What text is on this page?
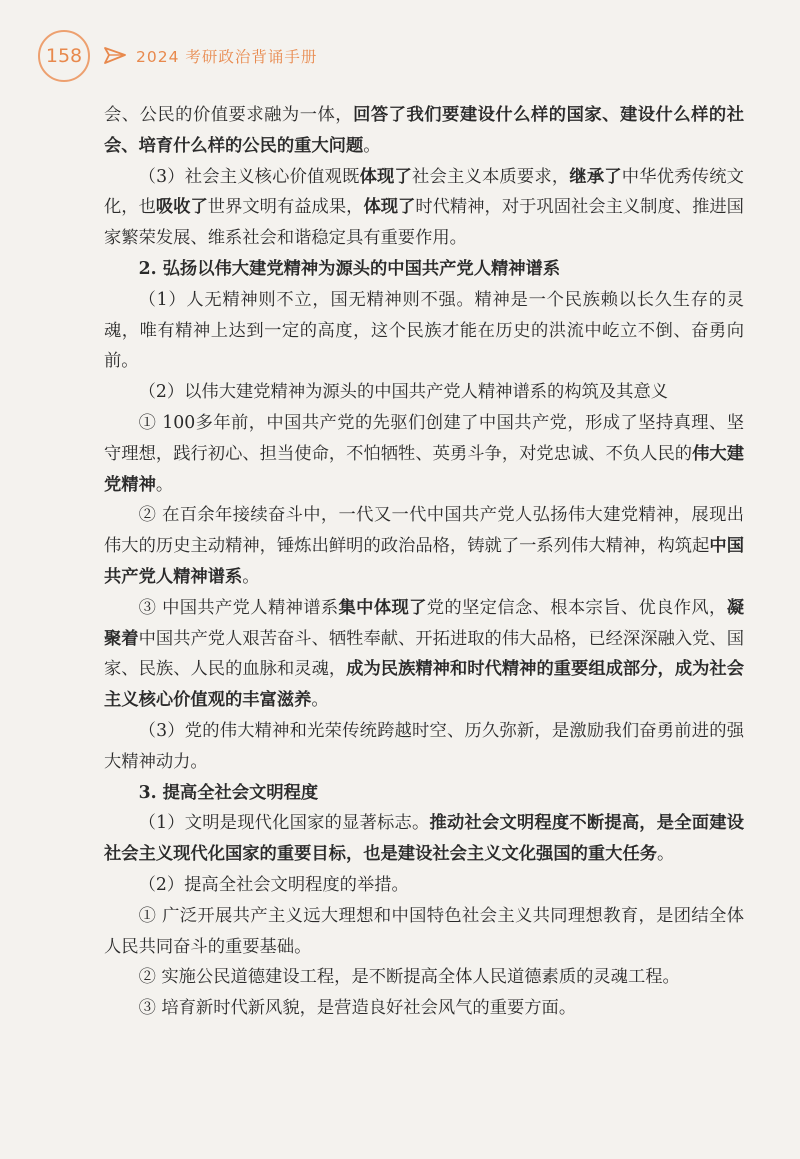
158	2024 考研政治背诵手册

会、公民的价值要求融为一体，回答了我们要建设什么样的国家、建设什么样的社会、培育什么样的公民的重大问题。

（3）社会主义核心价值观既体现了社会主义本质要求，继承了中华优秀传统文化，也吸收了世界文明有益成果，体现了时代精神，对于巩固社会主义制度、推进国家繁荣发展、维系社会和谐稳定具有重要作用。

2. 弘扬以伟大建党精神为源头的中国共产党人精神谱系

（1）人无精神则不立，国无精神则不强。精神是一个民族赖以长久生存的灵魂，唯有精神上达到一定的高度，这个民族才能在历史的洪流中屹立不倒、奋勇向前。

（2）以伟大建党精神为源头的中国共产党人精神谱系的构筑及其意义

① 100多年前，中国共产党的先驱们创建了中国共产党，形成了坚持真理、坚守理想，践行初心、担当使命，不怕牺牲、英勇斗争，对党忠诚、不负人民的伟大建党精神。

② 在百余年接续奋斗中，一代又一代中国共产党人弘扬伟大建党精神，展现出伟大的历史主动精神，锤炼出鲜明的政治品格，铸就了一系列伟大精神，构筑起中国共产党人精神谱系。

③ 中国共产党人精神谱系集中体现了党的坚定信念、根本宗旨、优良作风，凝聚着中国共产党人艰苦奋斗、牺牲奉献、开拓进取的伟大品格，已经深深融入党、国家、民族、人民的血脉和灵魂，成为民族精神和时代精神的重要组成部分，成为社会主义核心价值观的丰富滋养。

（3）党的伟大精神和光荣传统跨越时空、历久弥新，是激励我们奋勇前进的强大精神动力。

3. 提高全社会文明程度

（1）文明是现代化国家的显著标志。推动社会文明程度不断提高，是全面建设社会主义现代化国家的重要目标，也是建设社会主义文化强国的重大任务。

（2）提高全社会文明程度的举措。

① 广泛开展共产主义远大理想和中国特色社会主义共同理想教育，是团结全体人民共同奋斗的重要基础。

② 实施公民道德建设工程，是不断提高全体人民道德素质的灵魂工程。

③ 培育新时代新风貌，是营造良好社会风气的重要方面。
